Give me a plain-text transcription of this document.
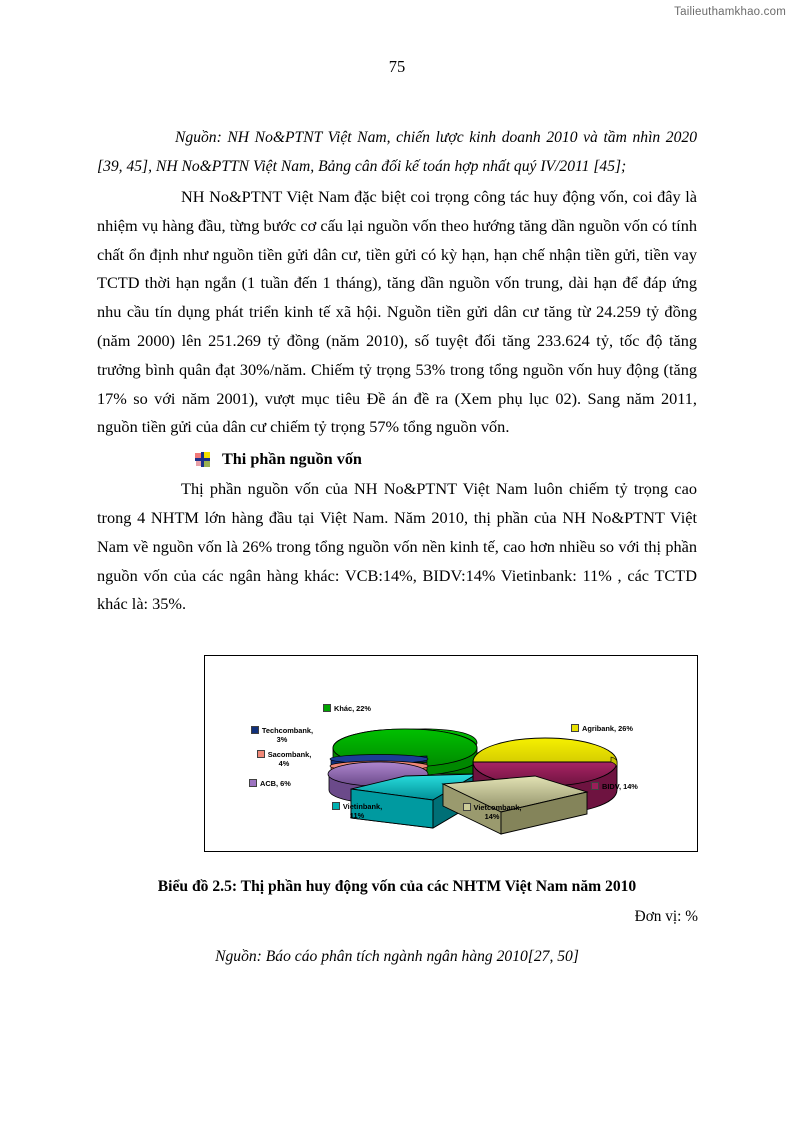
Tailieuthamkhao.com
75

Nguồn: NH No&PTNT Việt Nam, chiến lược kinh doanh 2010 và tầm nhìn 2020 [39, 45], NH No&PTTN Việt Nam, Bảng cân đối kế toán hợp nhất quý IV/2011 [45];

NH No&PTNT Việt Nam đặc biệt coi trọng công tác huy động vốn, coi đây là nhiệm vụ hàng đầu, từng bước cơ cấu lại nguồn vốn theo hướng tăng dần nguồn vốn có tính chất ổn định như nguồn tiền gửi dân cư, tiền gửi có kỳ hạn, hạn chế nhận tiền gửi, tiền vay TCTD thời hạn ngắn (1 tuần đến 1 tháng), tăng dần nguồn vốn trung, dài hạn để đáp ứng nhu cầu tín dụng phát triển kinh tế xã hội. Nguồn tiền gửi dân cư tăng từ 24.259 tỷ đồng (năm 2000) lên 251.269 tỷ đồng (năm 2010), số tuyệt đối tăng 233.624 tỷ, tốc độ tăng trưởng bình quân đạt 30%/năm. Chiếm tỷ trọng 53% trong tổng nguồn vốn huy động (tăng 17% so với năm 2001), vượt mục tiêu Đề án đề ra (Xem phụ lục 02). Sang năm 2011, nguồn tiền gửi của dân cư chiếm tỷ trọng 57% tổng nguồn vốn.

Thi phần nguồn vốn

Thị phần nguồn vốn của NH No&PTNT Việt Nam luôn chiếm tỷ trọng cao trong 4 NHTM lớn hàng đầu tại Việt Nam. Năm 2010, thị phần của NH No&PTNT Việt Nam về nguồn vốn là 26% trong tổng nguồn vốn nền kinh tế, cao hơn nhiều so với thị phần nguồn vốn của các ngân hàng khác: VCB:14%, BIDV:14% Vietinbank: 11% , các TCTD khác là: 35%.

Khác, 22%
Techcombank,
3%
Sacombank,
4%
ACB, 6%
Vietinbank,
11%
Vietcombank,
14%
Agribank, 26%
BIDV, 14%
Biểu đồ 2.5: Thị phần huy động vốn của các NHTM Việt Nam năm 2010
Đơn vị: %
Nguồn: Báo cáo phân tích ngành ngân hàng 2010[27, 50]
